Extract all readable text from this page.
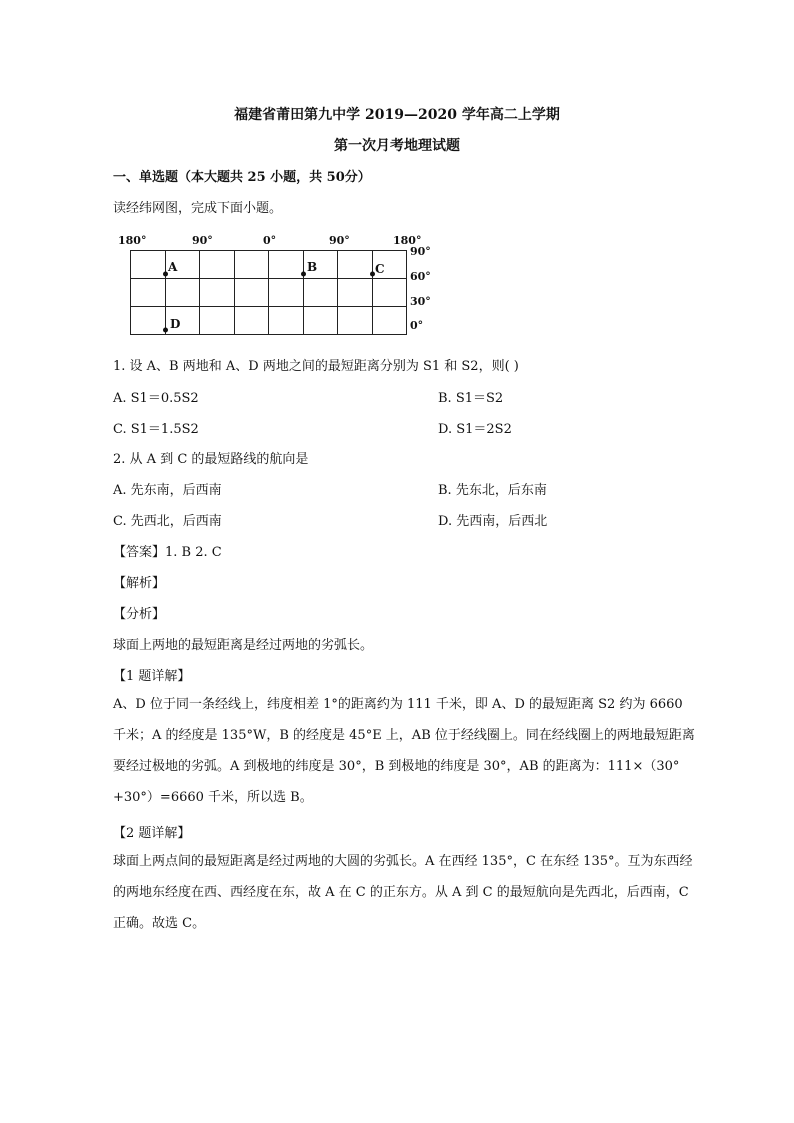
福建省莆田第九中学 2019—2020 学年高二上学期
第一次月考地理试题
一、单选题（本大题共 25 小题，共 50分）
读经纬网图，完成下面小题。
180°	90°	0°	90°	180°
90°
60°
30°
0°
A	B	C
D
1. 设 A、B 两地和 A、D 两地之间的最短距离分别为 S1 和 S2，则( )
A. S1＝0.5S2	B. S1＝S2
C. S1＝1.5S2	D. S1＝2S2
2. 从 A 到 C 的最短路线的航向是
A. 先东南，后西南	B. 先东北，后东南
C. 先西北，后西南	D. 先西南，后西北
【答案】1. B 2. C
【解析】
【分析】
球面上两地的最短距离是经过两地的劣弧长。
【1 题详解】
A、D 位于同一条经线上，纬度相差 1°的距离约为 111 千米，即 A、D 的最短距离 S2 约为 6660 千米；A 的经度是 135°W，B 的经度是 45°E 上，AB 位于经线圈上。同在经线圈上的两地最短距离要经过极地的劣弧。A 到极地的纬度是 30°，B 到极地的纬度是 30°，AB 的距离为：111×（30°+30°）=6660 千米，所以选 B。
【2 题详解】
球面上两点间的最短距离是经过两地的大圆的劣弧长。A 在西经 135°，C 在东经 135°。互为东西经的两地东经度在西、西经度在东，故 A 在 C 的正东方。从 A 到 C 的最短航向是先西北，后西南，C 正确。故选 C。
